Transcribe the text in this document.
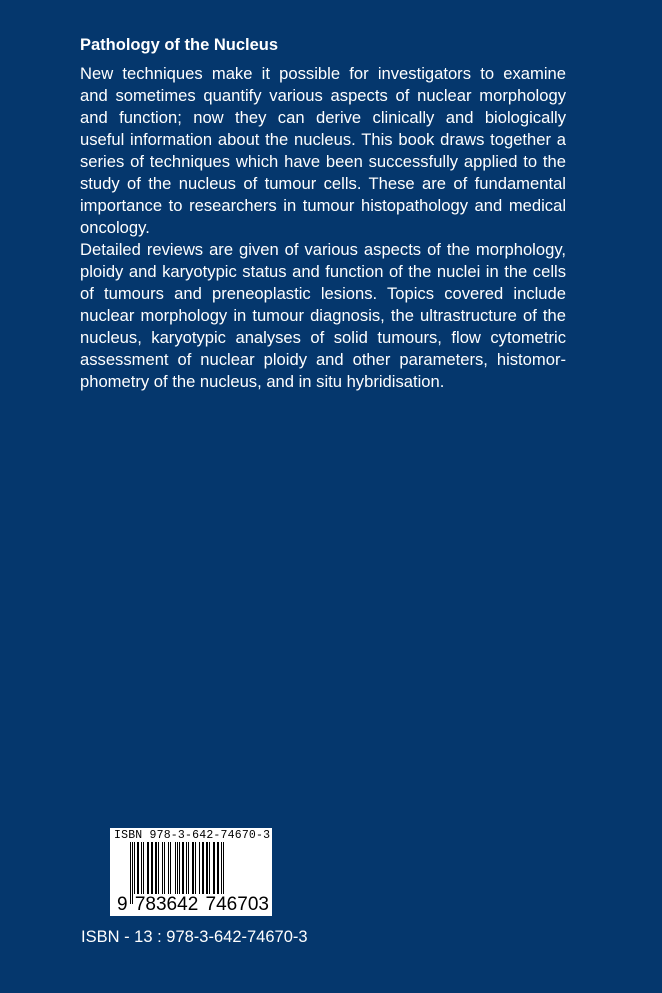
Pathology of the Nucleus
New techniques make it possible for investigators to examine
and sometimes quantify various aspects of nuclear morphology
and function; now they can derive clinically and biologically
useful information about the nucleus. This book draws together a
series of techniques which have been successfully applied to the
study of the nucleus of tumour cells. These are of fundamental
importance to researchers in tumour histopathology and medical
oncology.
Detailed reviews are given of various aspects of the morphology,
ploidy and karyotypic status and function of the nuclei in the cells
of tumours and preneoplastic lesions. Topics covered include
nuclear morphology in tumour diagnosis, the ultrastructure of the
nucleus, karyotypic analyses of solid tumours, flow cytometric
assessment of nuclear ploidy and other parameters, histomor-
phometry of the nucleus, and in situ hybridisation.
ISBN 978-3-642-74670-3
9 783642 746703
ISBN - 13 : 978-3-642-74670-3
